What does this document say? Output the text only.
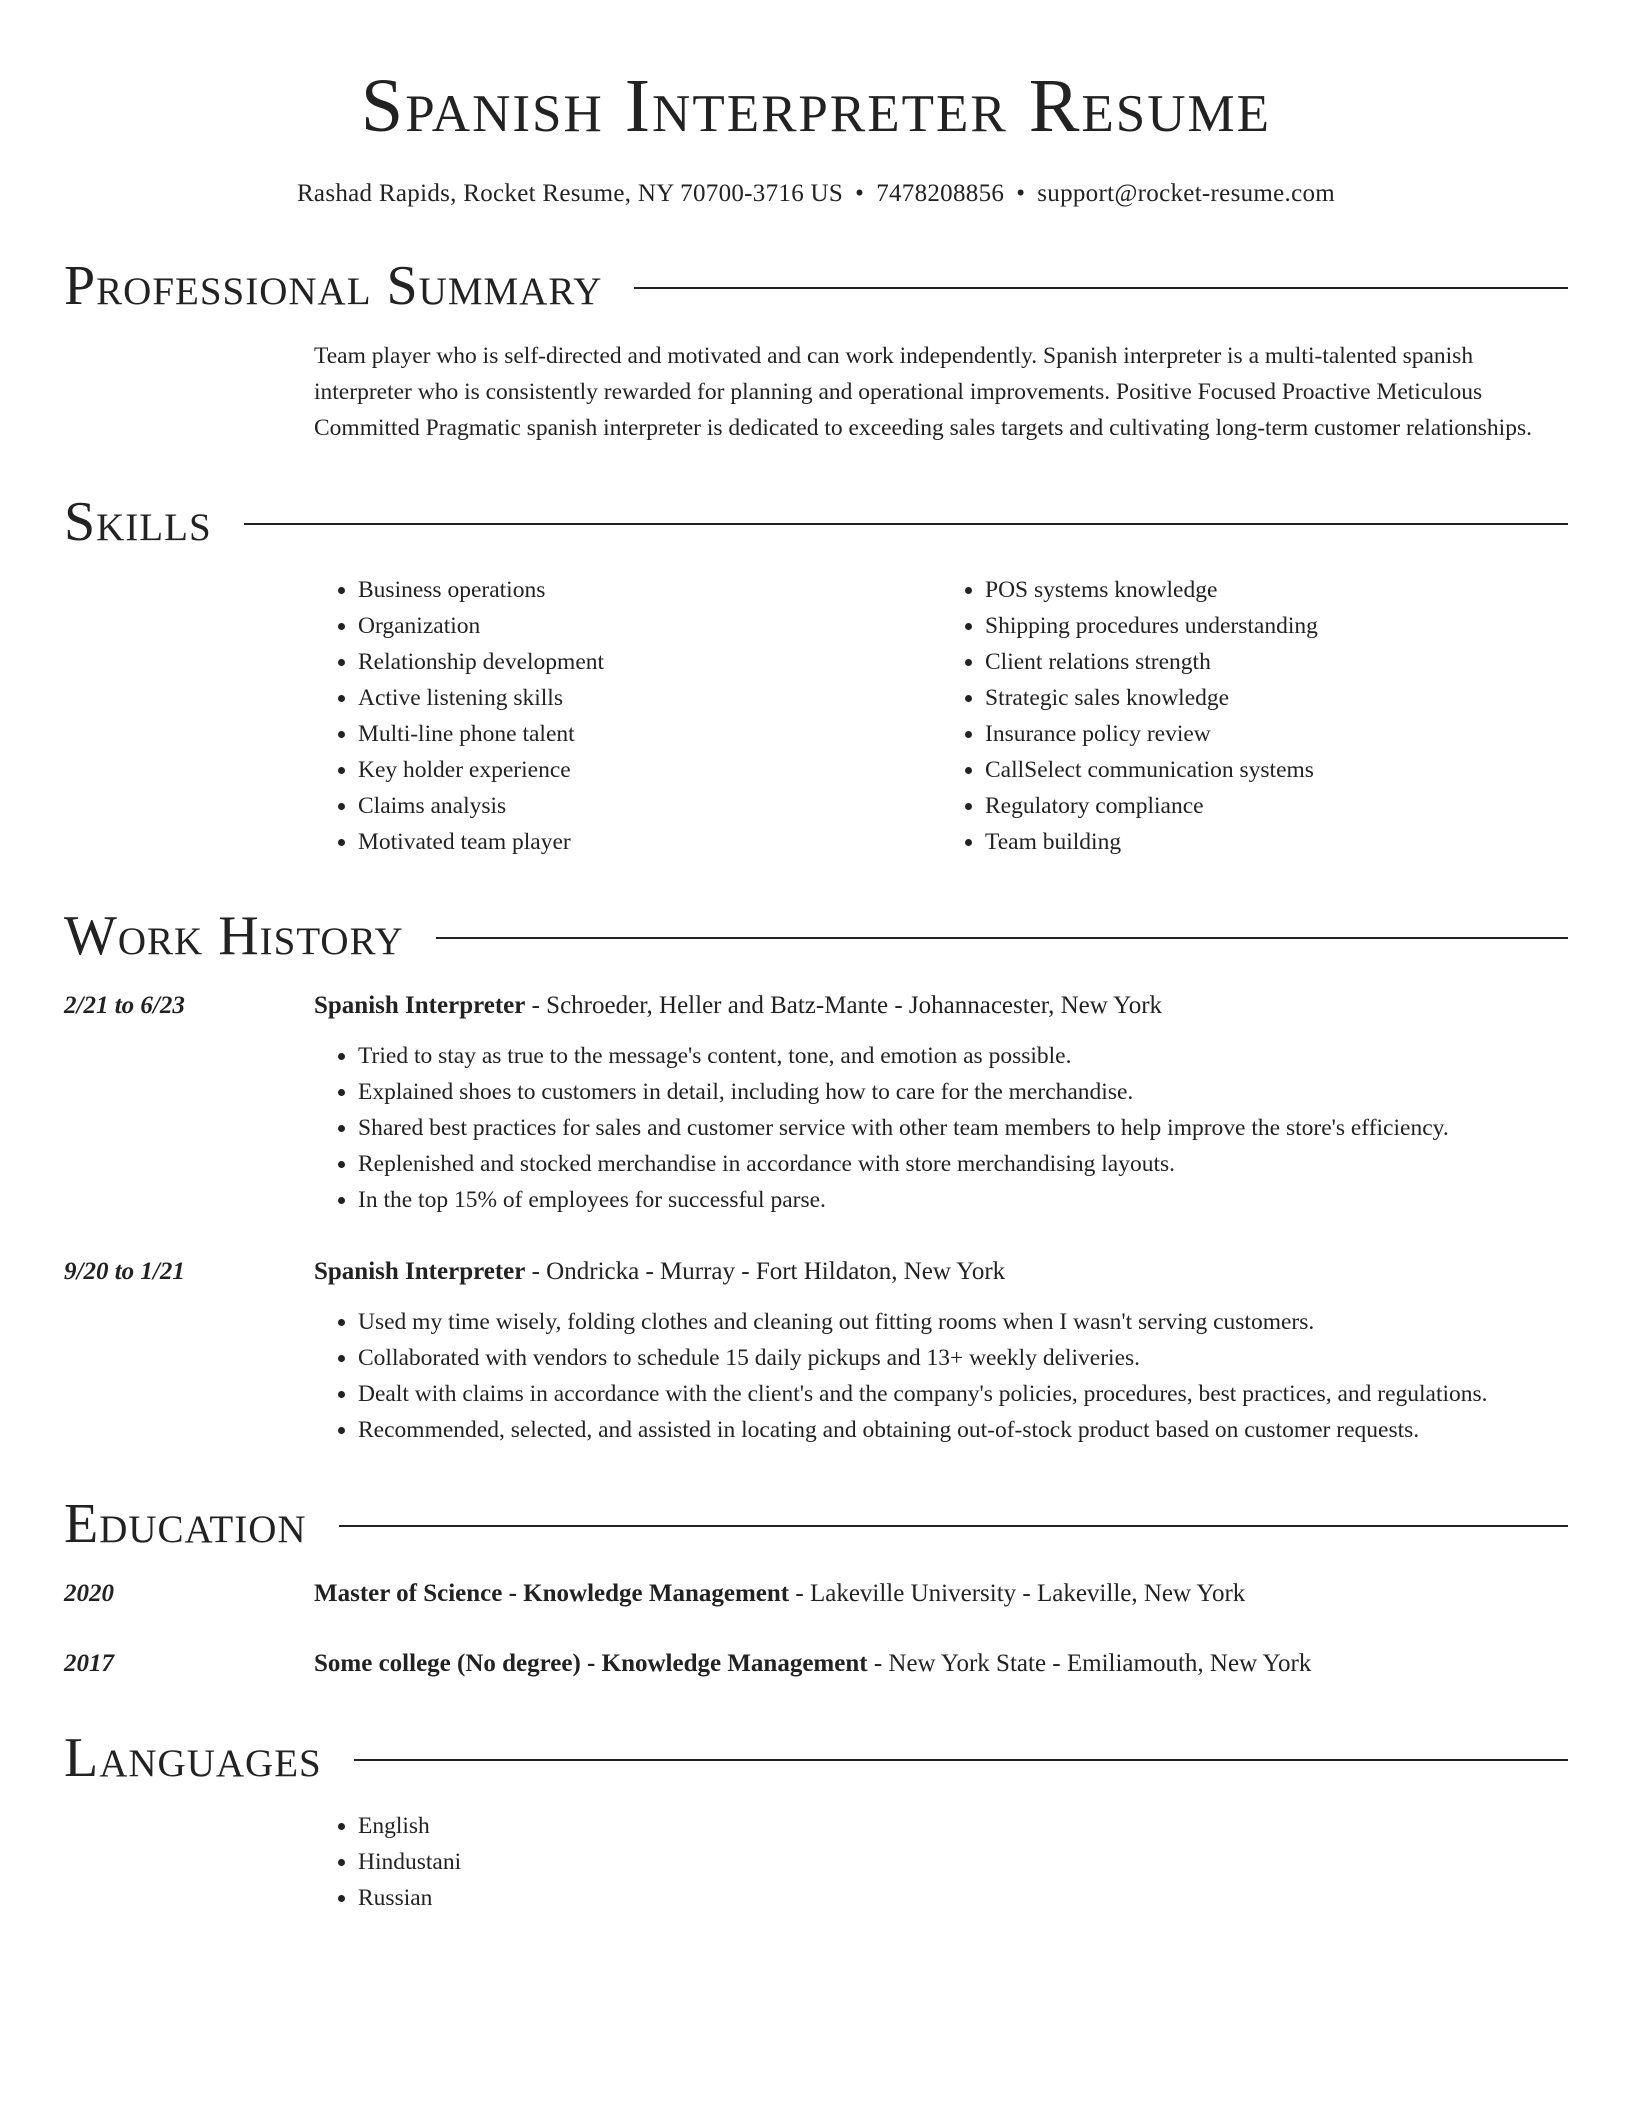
Spanish Interpreter Resume
Rashad Rapids, Rocket Resume, NY 70700-3716 US • 7478208856 • support@rocket-resume.com
Professional Summary
Team player who is self-directed and motivated and can work independently. Spanish interpreter is a multi-talented spanish interpreter who is consistently rewarded for planning and operational improvements. Positive Focused Proactive Meticulous Committed Pragmatic spanish interpreter is dedicated to exceeding sales targets and cultivating long-term customer relationships.
Skills
• Business operations
• Organization
• Relationship development
• Active listening skills
• Multi-line phone talent
• Key holder experience
• Claims analysis
• Motivated team player
• POS systems knowledge
• Shipping procedures understanding
• Client relations strength
• Strategic sales knowledge
• Insurance policy review
• CallSelect communication systems
• Regulatory compliance
• Team building
Work History
2/21 to 6/23	Spanish Interpreter - Schroeder, Heller and Batz-Mante - Johannacester, New York
• Tried to stay as true to the message's content, tone, and emotion as possible.
• Explained shoes to customers in detail, including how to care for the merchandise.
• Shared best practices for sales and customer service with other team members to help improve the store's efficiency.
• Replenished and stocked merchandise in accordance with store merchandising layouts.
• In the top 15% of employees for successful parse.
9/20 to 1/21	Spanish Interpreter - Ondricka - Murray - Fort Hildaton, New York
• Used my time wisely, folding clothes and cleaning out fitting rooms when I wasn't serving customers.
• Collaborated with vendors to schedule 15 daily pickups and 13+ weekly deliveries.
• Dealt with claims in accordance with the client's and the company's policies, procedures, best practices, and regulations.
• Recommended, selected, and assisted in locating and obtaining out-of-stock product based on customer requests.
Education
2020	Master of Science - Knowledge Management - Lakeville University - Lakeville, New York
2017	Some college (No degree) - Knowledge Management - New York State - Emiliamouth, New York
Languages
• English
• Hindustani
• Russian
